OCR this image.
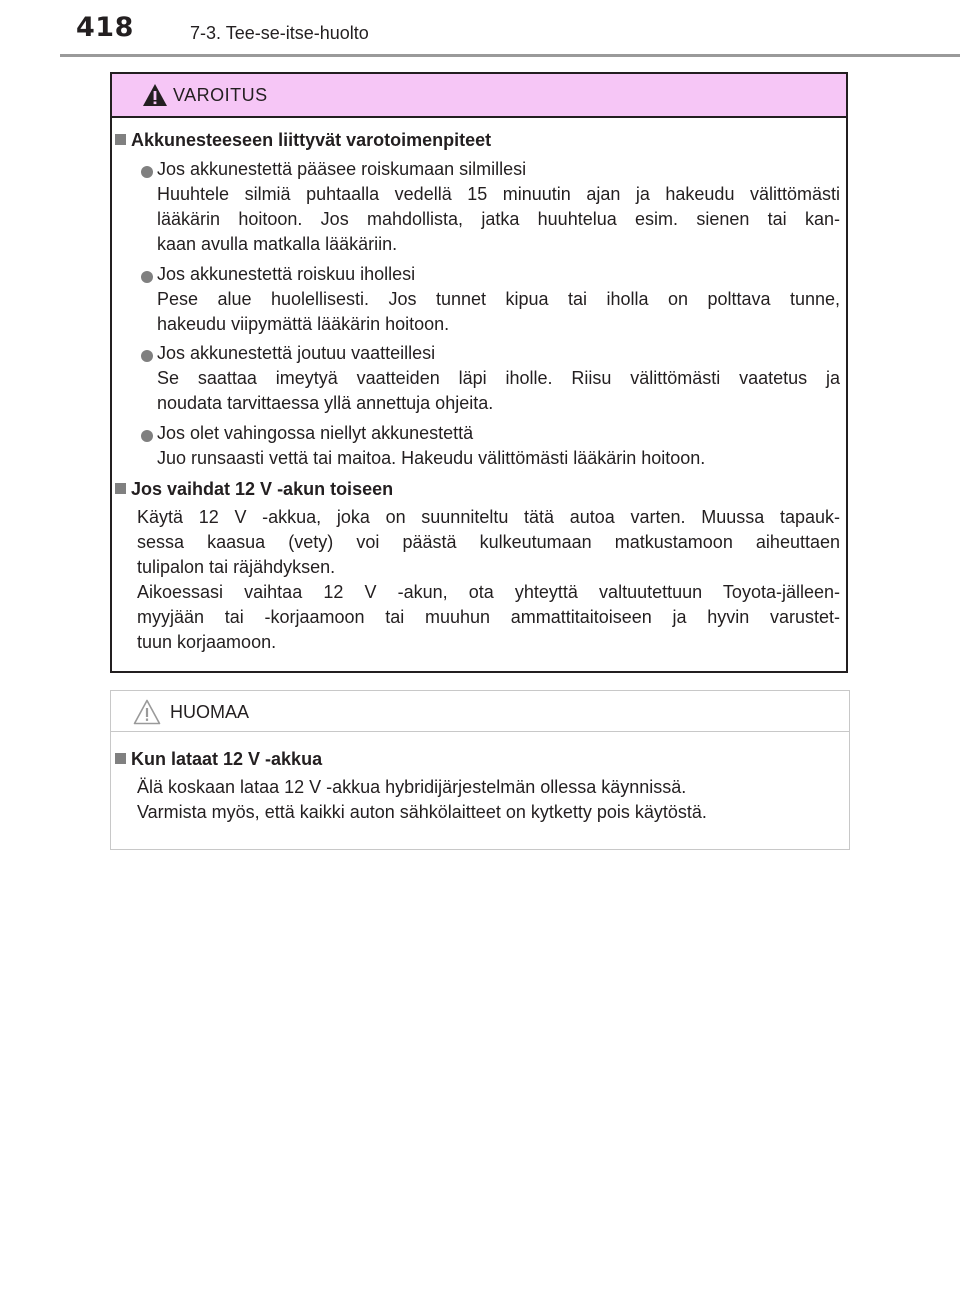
418	7-3. Tee-se-itse-huolto
VAROITUS
Akkunesteeseen liittyvät varotoimenpiteet
Jos akkunestettä pääsee roiskumaan silmillesi
Huuhtele silmiä puhtaalla vedellä 15 minuutin ajan ja hakeudu välittömästi
lääkärin hoitoon. Jos mahdollista, jatka huuhtelua esim. sienen tai kan-
kaan avulla matkalla lääkäriin.
Jos akkunestettä roiskuu ihollesi
Pese alue huolellisesti. Jos tunnet kipua tai iholla on polttava tunne,
hakeudu viipymättä lääkärin hoitoon.
Jos akkunestettä joutuu vaatteillesi
Se saattaa imeytyä vaatteiden läpi iholle. Riisu välittömästi vaatetus ja
noudata tarvittaessa yllä annettuja ohjeita.
Jos olet vahingossa niellyt akkunestettä
Juo runsaasti vettä tai maitoa. Hakeudu välittömästi lääkärin hoitoon.
Jos vaihdat 12 V -akun toiseen
Käytä 12 V -akkua, joka on suunniteltu tätä autoa varten. Muussa tapauk-
sessa kaasua (vety) voi päästä kulkeutumaan matkustamoon aiheuttaen
tulipalon tai räjähdyksen.
Aikoessasi vaihtaa 12 V -akun, ota yhteyttä valtuutettuun Toyota-jälleen-
myyjään tai -korjaamoon tai muuhun ammattitaitoiseen ja hyvin varustet-
tuun korjaamoon.
HUOMAA
Kun lataat 12 V -akkua
Älä koskaan lataa 12 V -akkua hybridijärjestelmän ollessa käynnissä.
Varmista myös, että kaikki auton sähkölaitteet on kytketty pois käytöstä.
